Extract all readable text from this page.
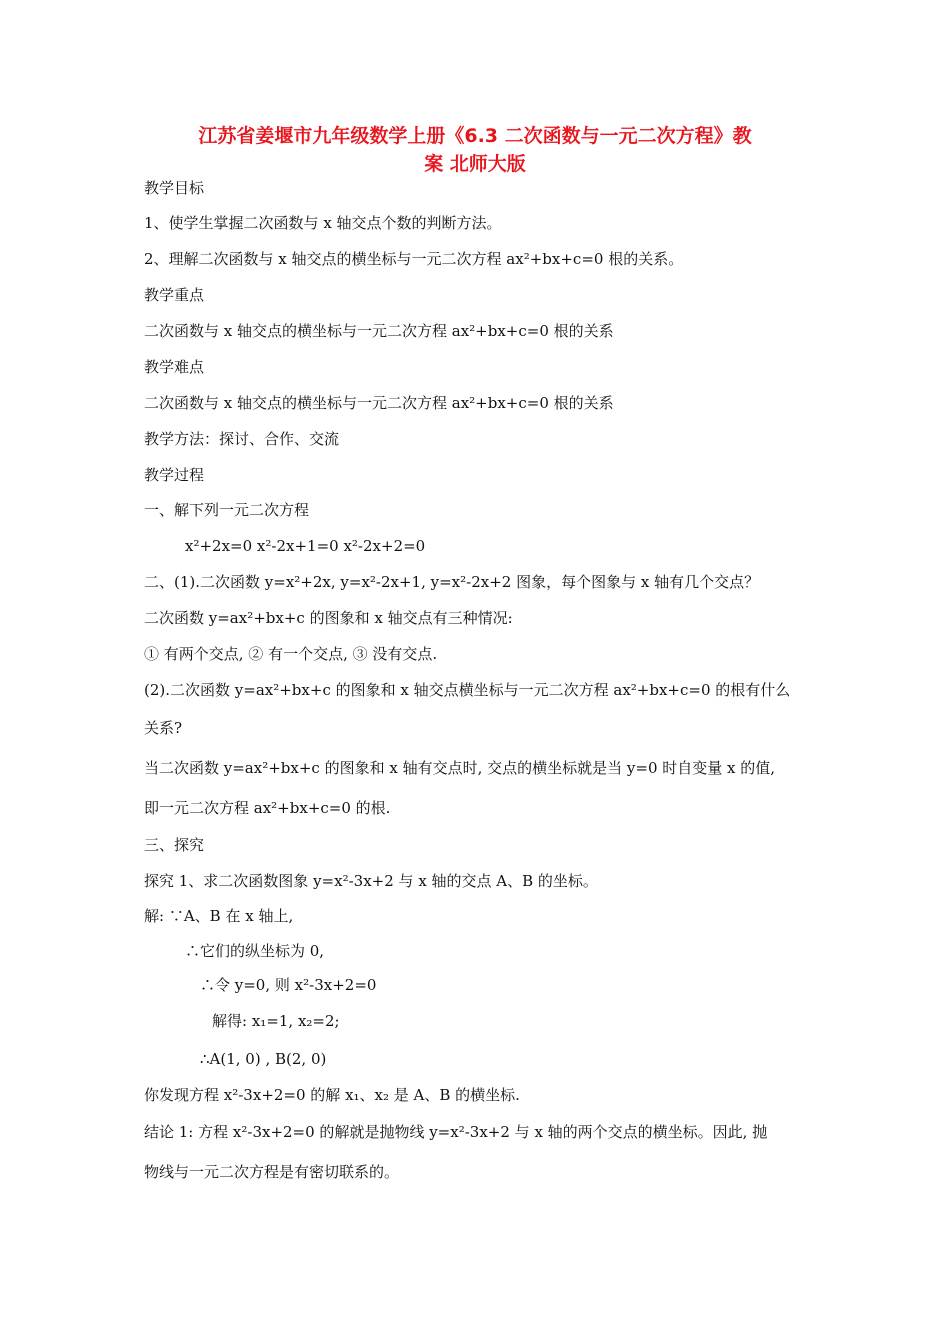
江苏省姜堰市九年级数学上册《6.3 二次函数与一元二次方程》教
案 北师大版
教学目标
1、使学生掌握二次函数与 x 轴交点个数的判断方法。
2、理解二次函数与 x 轴交点的横坐标与一元二次方程 ax²+bx+c=0 根的关系。
教学重点
二次函数与 x 轴交点的横坐标与一元二次方程 ax²+bx+c=0 根的关系
教学难点
二次函数与 x 轴交点的横坐标与一元二次方程 ax²+bx+c=0 根的关系
教学方法：探讨、合作、交流
教学过程
一、解下列一元二次方程
x²+2x=0 x²-2x+1=0 x²-2x+2=0
二、(1).二次函数 y=x²+2x, y=x²-2x+1, y=x²-2x+2 图象，每个图象与 x 轴有几个交点？
二次函数 y=ax²+bx+c 的图象和 x 轴交点有三种情况:
① 有两个交点, ② 有一个交点, ③ 没有交点.
(2).二次函数 y=ax²+bx+c 的图象和 x 轴交点横坐标与一元二次方程 ax²+bx+c=0 的根有什么
关系?
当二次函数 y=ax²+bx+c 的图象和 x 轴有交点时, 交点的横坐标就是当 y=0 时自变量 x 的值,
即一元二次方程 ax²+bx+c=0 的根.
三、探究
探究 1、求二次函数图象 y=x²-3x+2 与 x 轴的交点 A、B 的坐标。
解: ∵A、B 在 x 轴上,
∴它们的纵坐标为 0,
∴令 y=0, 则 x²-3x+2=0
解得: x₁=1, x₂=2;
∴A(1, 0) , B(2, 0)
你发现方程 x²-3x+2=0 的解 x₁、x₂ 是 A、B 的横坐标.
结论 1: 方程 x²-3x+2=0 的解就是抛物线 y=x²-3x+2 与 x 轴的两个交点的横坐标。因此, 抛
物线与一元二次方程是有密切联系的。
